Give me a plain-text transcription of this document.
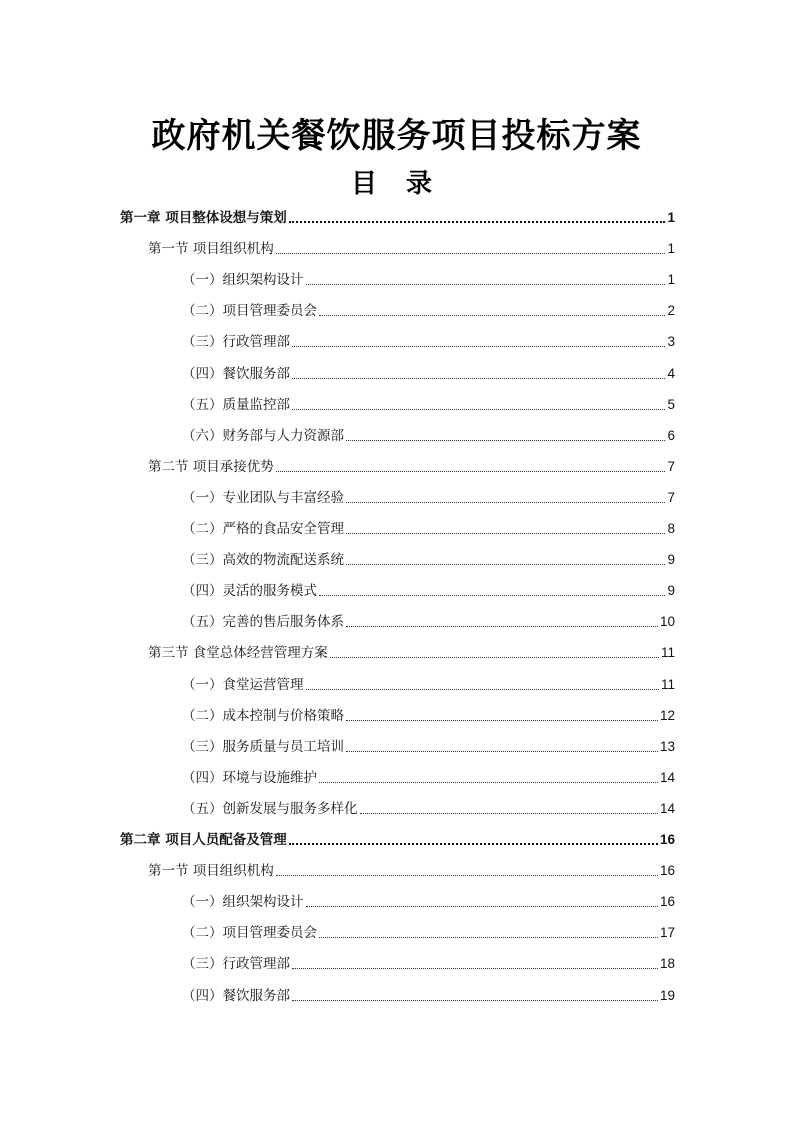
政府机关餐饮服务项目投标方案
目 录
第一章 项目整体设想与策划	1
第一节 项目组织机构	1
（一）组织架构设计	1
（二）项目管理委员会	2
（三）行政管理部	3
（四）餐饮服务部	4
（五）质量监控部	5
（六）财务部与人力资源部	6
第二节 项目承接优势	7
（一）专业团队与丰富经验	7
（二）严格的食品安全管理	8
（三）高效的物流配送系统	9
（四）灵活的服务模式	9
（五）完善的售后服务体系	10
第三节 食堂总体经营管理方案	11
（一）食堂运营管理	11
（二）成本控制与价格策略	12
（三）服务质量与员工培训	13
（四）环境与设施维护	14
（五）创新发展与服务多样化	14
第二章 项目人员配备及管理	16
第一节 项目组织机构	16
（一）组织架构设计	16
（二）项目管理委员会	17
（三）行政管理部	18
（四）餐饮服务部	19
